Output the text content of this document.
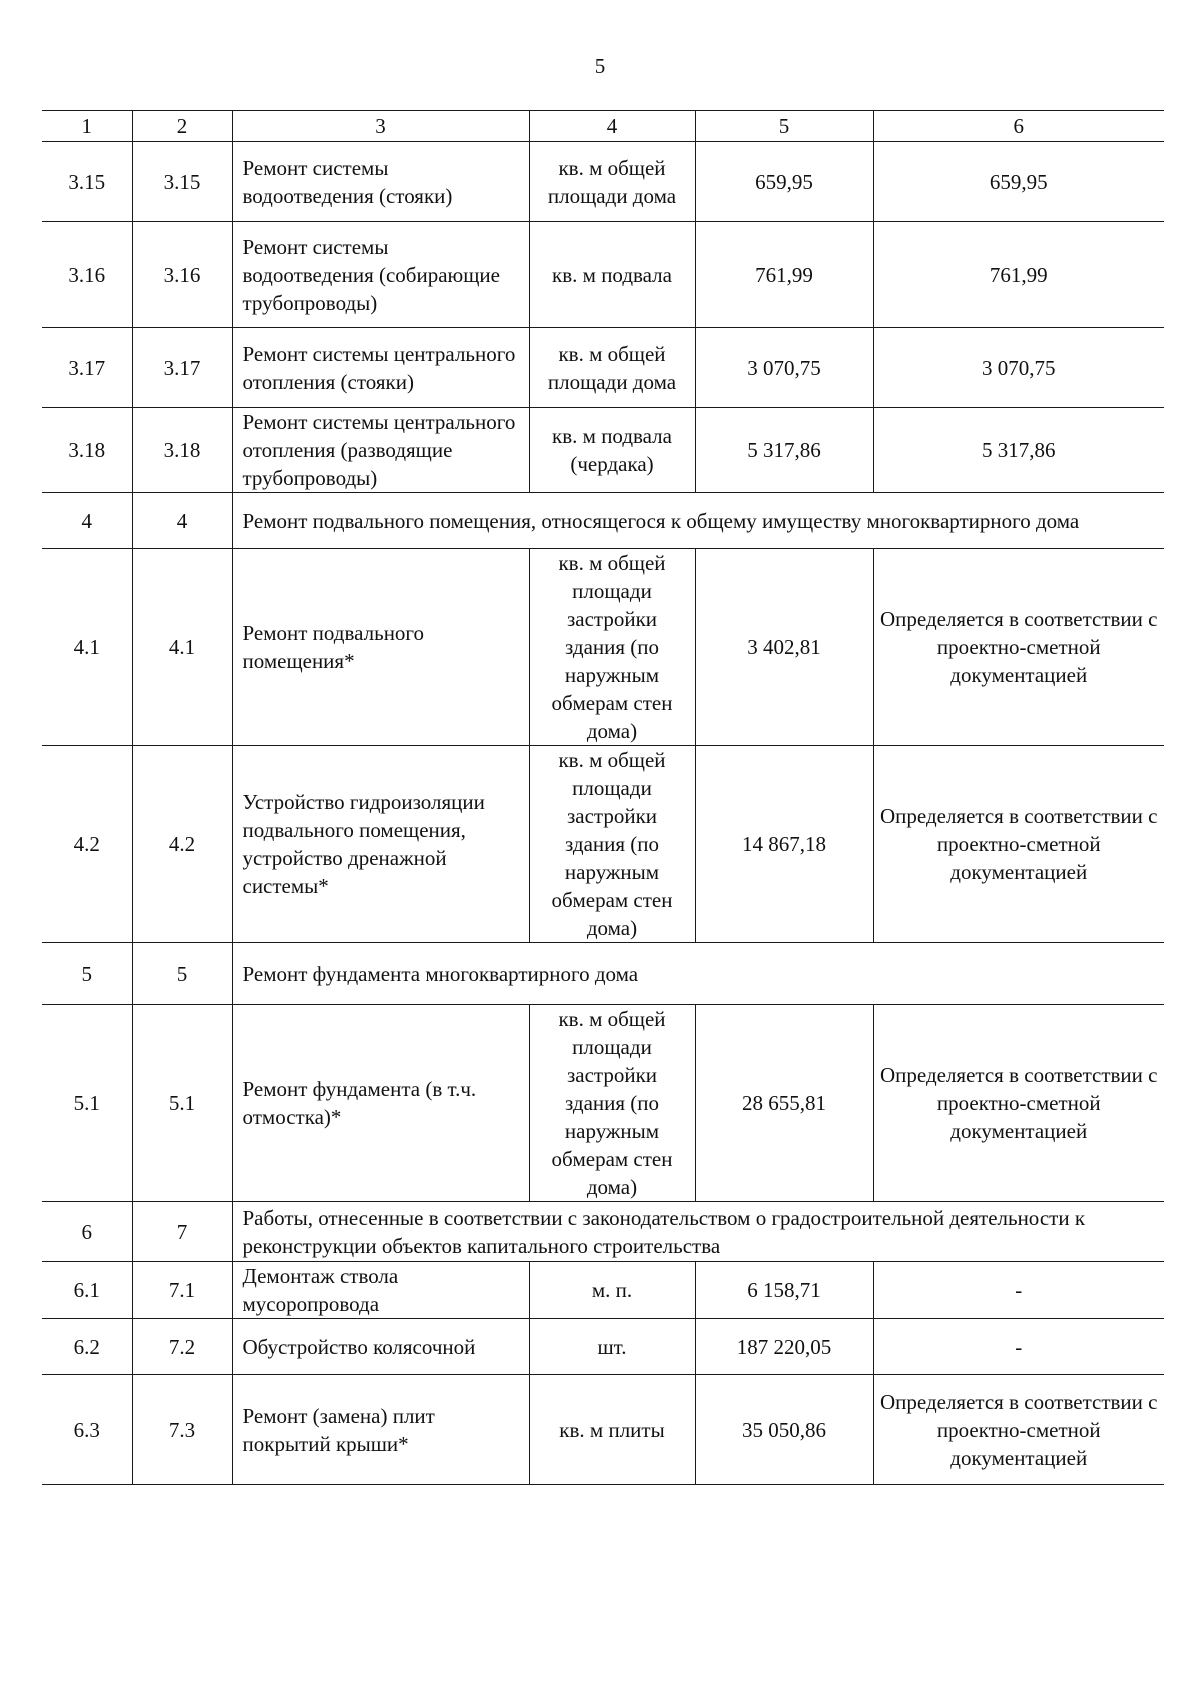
5
1	2	3	4	5	6
3.15	3.15	Ремонт системы водоотведения (стояки)	кв. м общей площади дома	659,95	659,95
3.16	3.16	Ремонт системы водоотведения (собирающие трубопроводы)	кв. м подвала	761,99	761,99
3.17	3.17	Ремонт системы центрального отопления (стояки)	кв. м общей площади дома	3 070,75	3 070,75
3.18	3.18	Ремонт системы центрального отопления (разводящие трубопроводы)	кв. м подвала (чердака)	5 317,86	5 317,86
4	4	Ремонт подвального помещения, относящегося к общему имуществу многоквартирного дома			
4.1	4.1	Ремонт подвального помещения*	кв. м общей площади застройки здания (по наружным обмерам стен дома)	3 402,81	Определяется в соответствии с проектно-сметной документацией
4.2	4.2	Устройство гидроизоляции подвального помещения, устройство дренажной системы*	кв. м общей площади застройки здания (по наружным обмерам стен дома)	14 867,18	Определяется в соответствии с проектно-сметной документацией
5	5	Ремонт фундамента многоквартирного дома			
5.1	5.1	Ремонт фундамента (в т.ч. отмостка)*	кв. м общей площади застройки здания (по наружным обмерам стен дома)	28 655,81	Определяется в соответствии с проектно-сметной документацией
6	7	Работы, отнесенные в соответствии с законодательством о градостроительной деятельности к реконструкции объектов капитального строительства			
6.1	7.1	Демонтаж ствола мусоропровода	м. п.	6 158,71	-
6.2	7.2	Обустройство колясочной	шт.	187 220,05	-
6.3	7.3	Ремонт (замена) плит покрытий крыши*	кв. м плиты	35 050,86	Определяется в соответствии с проектно-сметной документацией
